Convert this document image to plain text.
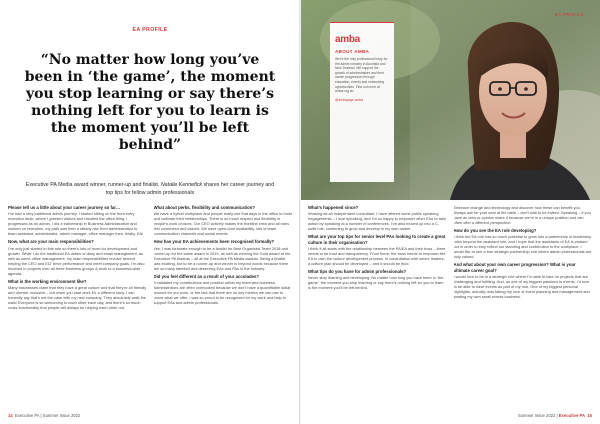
EA PROFILE

“No matter how long you’ve been in ‘the game’, the moment you stop learning or say there’s nothing left for you to learn is the moment you’ll be left behind”

Executive PA Media award winner, runner-up and finalist, Natalie Kennefick shares her career journey and top tips for fellow admin professionals

Please tell us a little about your career journey so far…

I’ve had a very traditional admin journey. I started sitting on the front entry reception desk, where I greeted visitors and handled the office filing. I progressed as an admin, I did a traineeship in Business Administration and worked on reception, my path was then a steady rise from administration to team assistant, administrator, admin manager, office manager then, finally, EA!

Now, what are your main responsibilities?

I’ve only just started in this role so there’s lots of room for development and growth. While I do the traditional EA duties of diary and email management, as well as some office management, my main responsibilities revolve around helping the CEO and ELT drive performance and meet company goals. I’m also involved in projects over all three business groups & work to a business-wide agenda.

What is the working environment like?

Many businesses claim that they have a great culture and that they’re all friendly and diverse, inclusive – but when you start work it’s a different story. I can honestly say that’s not the case with my new company. They absolutely walk the walk! Everyone is so welcoming to each other each day, and there’s so much cross-functionality that people will always be helping each other out.

What about perks, flexibility and communication?

We have a hybrid workplace and people really use that days in the office to build and cultivate their relationships. There is so much respect and flexibility in people’s work choices. Our CEO actively makes the frontline crew and all roles feel connected and valued. We have open-door availability, lots of team communication channels and social events.

How has your EA achievements been recognised formally?

Yes, I was fortunate enough to be a finalist for Best Organised Team 2018 and runner-up for the same award in 2019, as well as winning the Gold award at the Executive PA Awards – all at the Executive PA Media awards. Being a finalist was exciting, but to be a runner-up and winner is beyond words because there are so many talented and deserving EAs and PAs in the industry.

Did you feel different as a result of your accolades?

It validated my contributions and position within my team and business. Administrators are often overlooked because we don’t have a quantifiable dollar amount for our work, or the fact that there are no key metrics we can use to prove what we offer. I was so proud to be recognised for my work and help to support EAs and admin professionals.

14 Executive PA | Summer Issue 2022
EA PROFILE
amba
ABOUT AMBA

We're the only professional body for the admin industry in Australia and New Zealand. We support the growth of administrators and their career progression through education, events and networking opportunities. Find out more at amba.org.au

@ambapage.amba

What’s happened since?

Working as an independent consultant, I have offered some public speaking engagements – I love speaking, and I’m so happy to empower other EAs to take action by speaking at a number of conferences. I’ve also moved up into a C-suite role, continuing to grow and develop in my own career.

What are your top tips for senior level PAs looking to create a great culture in their organisation?

I think it all starts with the relationship between the PA/EA and their boss – there needs to be trust and transparency. From there, the boss needs to empower the EA to own the culture development process. In consultation with senior leaders, a culture plan should be developed – and it should be fluid.

What tips do you have for admin professionals?

Never stop learning and developing. No matter how long you have been in ‘the game’, the moment you stop learning or say there’s nothing left for you to learn is the moment you’ll be left behind.

Embrace change and technology and discover how these can benefit you. Always ask for your seat at the table – don’t wait to be invited. Speaking – if you have an idea or opinion share it because we’re in a unique position and can often offer a different perspective.

How do you see the EA role developing?

I think the EA role has so much potential to grow into a partnership of leadership roles beyond the assistant role, and I hope that the assistants of EA is phased out in order to truly reflect our standing and contribution to the workplace. I would like to see a true strategic partnership role where admin professionals are truly valued.

And what about your own career progression? What is your ultimate career goal?

I would love to be in a strategic role where I’m able to take on projects that are challenging and fulfilling. And, as one of my biggest passions is events, I’d love to be able to have events as part of my role. One of my biggest personal highlights, actually, was taking my love of event planning and management and starting my own small events business.

Summer Issue 2022 | Executive PA 15
